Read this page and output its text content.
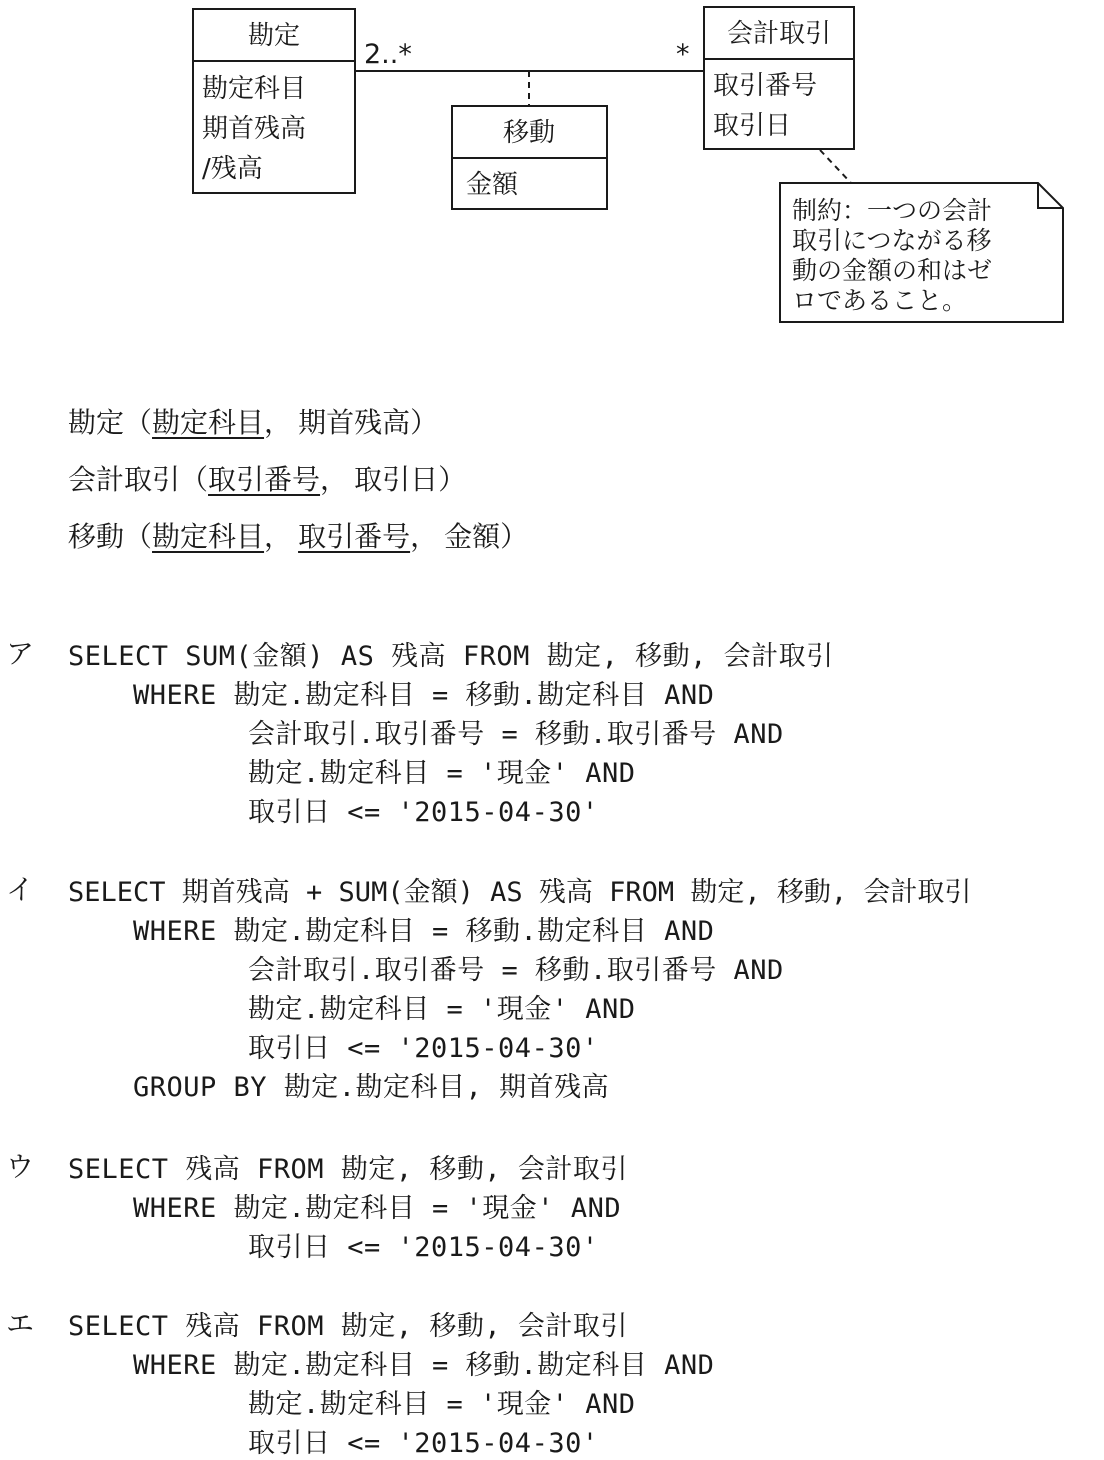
勘定
勘定科目
期首残高
/残高
会計取引
取引番号
取引日
2..*	*
移動
金額
制約：一つの会計
取引につながる移
動の金額の和はゼ
ロであること。
勘定（勘定科目， 期首残高）
会計取引（取引番号， 取引日）
移動（勘定科目， 取引番号， 金額）
ア SELECT SUM(金額) AS 残高 FROM 勘定, 移動, 会計取引
WHERE 勘定.勘定科目 = 移動.勘定科目 AND
会計取引.取引番号 = 移動.取引番号 AND
勘定.勘定科目 = '現金' AND
取引日 <= '2015-04-30'
イ SELECT 期首残高 + SUM(金額) AS 残高 FROM 勘定, 移動, 会計取引
WHERE 勘定.勘定科目 = 移動.勘定科目 AND
会計取引.取引番号 = 移動.取引番号 AND
勘定.勘定科目 = '現金' AND
取引日 <= '2015-04-30'
GROUP BY 勘定.勘定科目, 期首残高
ウ SELECT 残高 FROM 勘定, 移動, 会計取引
WHERE 勘定.勘定科目 = '現金' AND
取引日 <= '2015-04-30'
エ SELECT 残高 FROM 勘定, 移動, 会計取引
WHERE 勘定.勘定科目 = 移動.勘定科目 AND
勘定.勘定科目 = '現金' AND
取引日 <= '2015-04-30'
